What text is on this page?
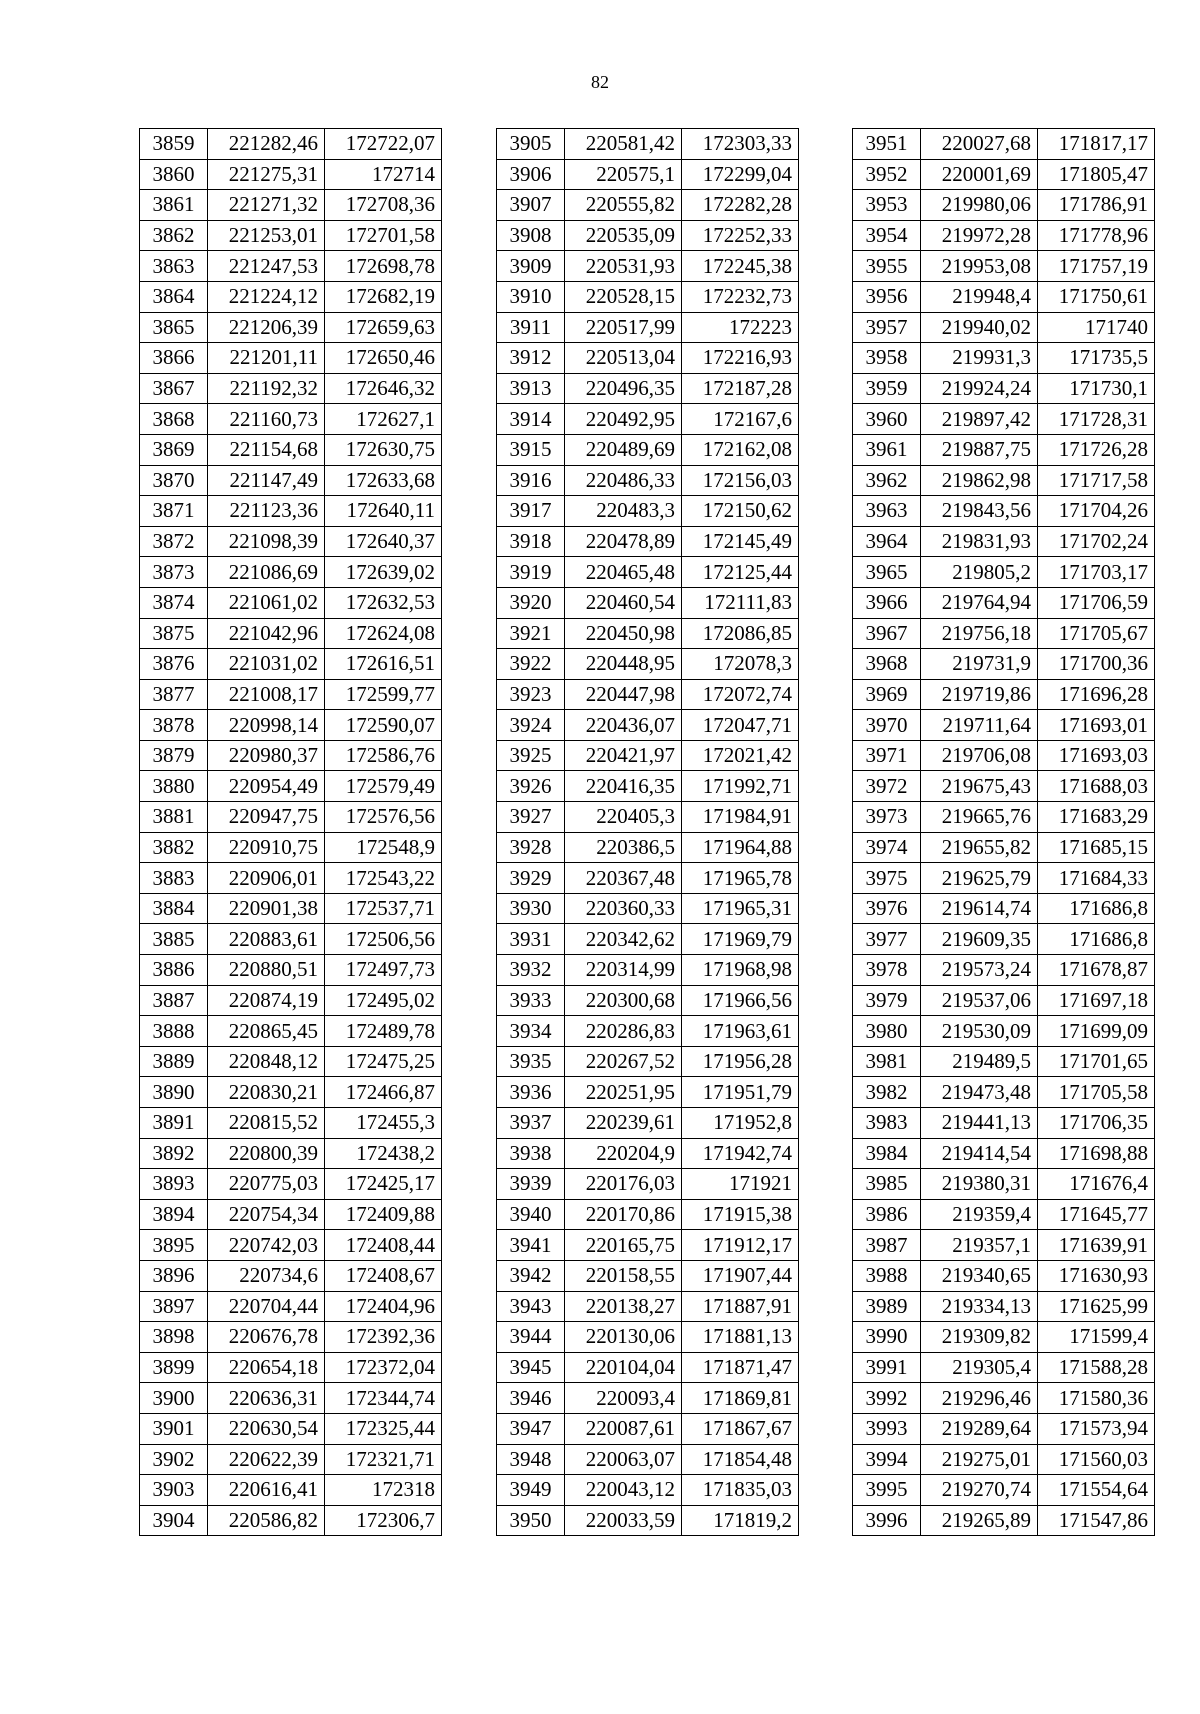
82
3859	221282,46	172722,07
3860	221275,31	172714
3861	221271,32	172708,36
3862	221253,01	172701,58
3863	221247,53	172698,78
3864	221224,12	172682,19
3865	221206,39	172659,63
3866	221201,11	172650,46
3867	221192,32	172646,32
3868	221160,73	172627,1
3869	221154,68	172630,75
3870	221147,49	172633,68
3871	221123,36	172640,11
3872	221098,39	172640,37
3873	221086,69	172639,02
3874	221061,02	172632,53
3875	221042,96	172624,08
3876	221031,02	172616,51
3877	221008,17	172599,77
3878	220998,14	172590,07
3879	220980,37	172586,76
3880	220954,49	172579,49
3881	220947,75	172576,56
3882	220910,75	172548,9
3883	220906,01	172543,22
3884	220901,38	172537,71
3885	220883,61	172506,56
3886	220880,51	172497,73
3887	220874,19	172495,02
3888	220865,45	172489,78
3889	220848,12	172475,25
3890	220830,21	172466,87
3891	220815,52	172455,3
3892	220800,39	172438,2
3893	220775,03	172425,17
3894	220754,34	172409,88
3895	220742,03	172408,44
3896	220734,6	172408,67
3897	220704,44	172404,96
3898	220676,78	172392,36
3899	220654,18	172372,04
3900	220636,31	172344,74
3901	220630,54	172325,44
3902	220622,39	172321,71
3903	220616,41	172318
3904	220586,82	172306,7
3905	220581,42	172303,33
3906	220575,1	172299,04
3907	220555,82	172282,28
3908	220535,09	172252,33
3909	220531,93	172245,38
3910	220528,15	172232,73
3911	220517,99	172223
3912	220513,04	172216,93
3913	220496,35	172187,28
3914	220492,95	172167,6
3915	220489,69	172162,08
3916	220486,33	172156,03
3917	220483,3	172150,62
3918	220478,89	172145,49
3919	220465,48	172125,44
3920	220460,54	172111,83
3921	220450,98	172086,85
3922	220448,95	172078,3
3923	220447,98	172072,74
3924	220436,07	172047,71
3925	220421,97	172021,42
3926	220416,35	171992,71
3927	220405,3	171984,91
3928	220386,5	171964,88
3929	220367,48	171965,78
3930	220360,33	171965,31
3931	220342,62	171969,79
3932	220314,99	171968,98
3933	220300,68	171966,56
3934	220286,83	171963,61
3935	220267,52	171956,28
3936	220251,95	171951,79
3937	220239,61	171952,8
3938	220204,9	171942,74
3939	220176,03	171921
3940	220170,86	171915,38
3941	220165,75	171912,17
3942	220158,55	171907,44
3943	220138,27	171887,91
3944	220130,06	171881,13
3945	220104,04	171871,47
3946	220093,4	171869,81
3947	220087,61	171867,67
3948	220063,07	171854,48
3949	220043,12	171835,03
3950	220033,59	171819,2
3951	220027,68	171817,17
3952	220001,69	171805,47
3953	219980,06	171786,91
3954	219972,28	171778,96
3955	219953,08	171757,19
3956	219948,4	171750,61
3957	219940,02	171740
3958	219931,3	171735,5
3959	219924,24	171730,1
3960	219897,42	171728,31
3961	219887,75	171726,28
3962	219862,98	171717,58
3963	219843,56	171704,26
3964	219831,93	171702,24
3965	219805,2	171703,17
3966	219764,94	171706,59
3967	219756,18	171705,67
3968	219731,9	171700,36
3969	219719,86	171696,28
3970	219711,64	171693,01
3971	219706,08	171693,03
3972	219675,43	171688,03
3973	219665,76	171683,29
3974	219655,82	171685,15
3975	219625,79	171684,33
3976	219614,74	171686,8
3977	219609,35	171686,8
3978	219573,24	171678,87
3979	219537,06	171697,18
3980	219530,09	171699,09
3981	219489,5	171701,65
3982	219473,48	171705,58
3983	219441,13	171706,35
3984	219414,54	171698,88
3985	219380,31	171676,4
3986	219359,4	171645,77
3987	219357,1	171639,91
3988	219340,65	171630,93
3989	219334,13	171625,99
3990	219309,82	171599,4
3991	219305,4	171588,28
3992	219296,46	171580,36
3993	219289,64	171573,94
3994	219275,01	171560,03
3995	219270,74	171554,64
3996	219265,89	171547,86
